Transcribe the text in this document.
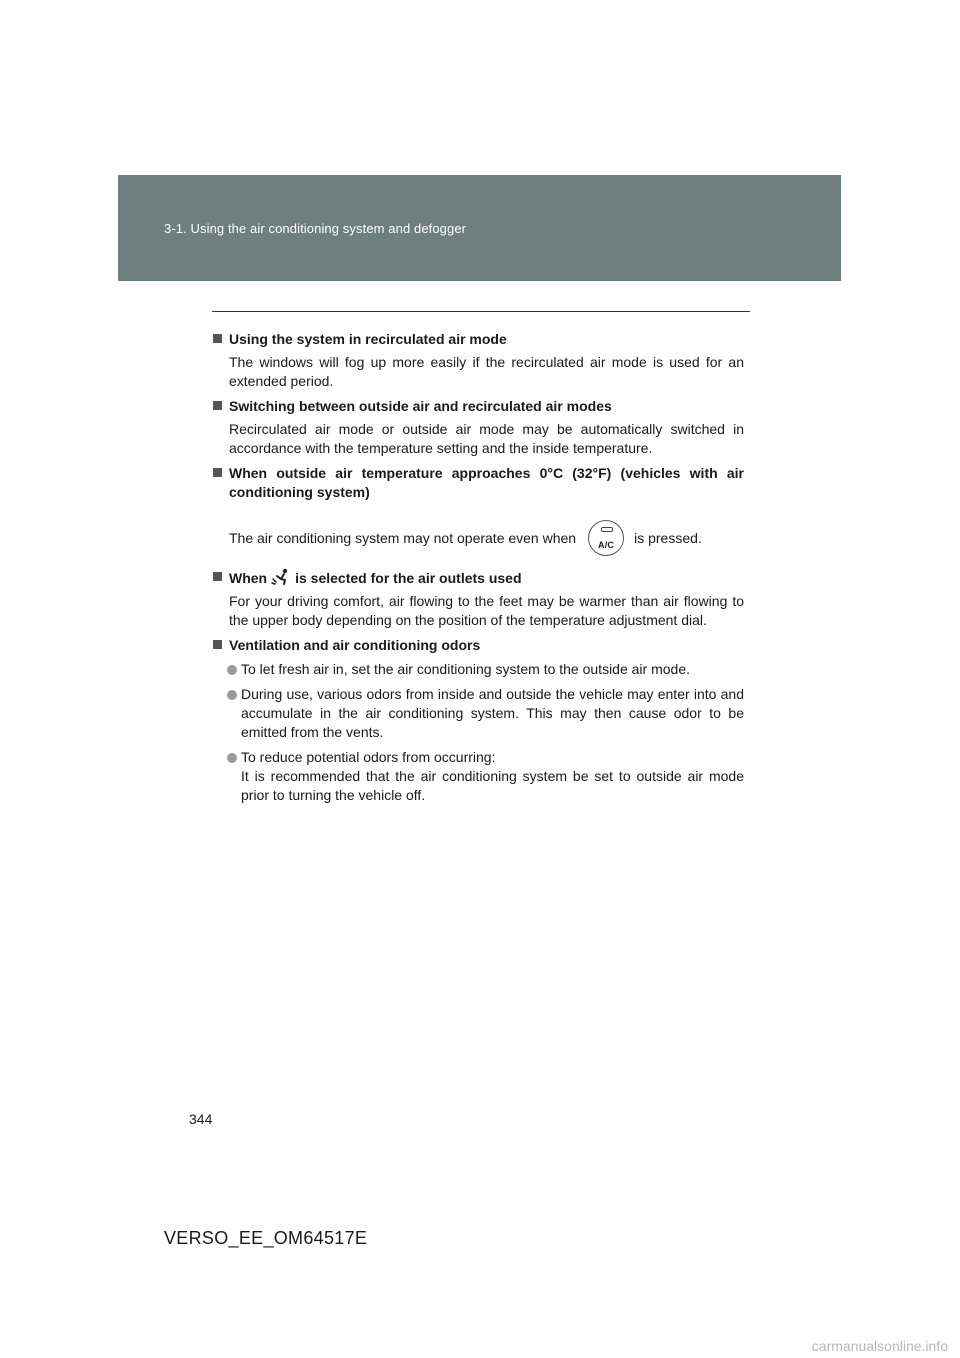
3-1. Using the air conditioning system and defogger
Using the system in recirculated air mode
The windows will fog up more easily if the recirculated air mode is used for an extended period.
Switching between outside air and recirculated air modes
Recirculated air mode or outside air mode may be automatically switched in accordance with the temperature setting and the inside temperature.
When outside air temperature approaches 0°C (32°F) (vehicles with air conditioning system)
The air conditioning system may not operate even when	A/C	is pressed.
When is selected for the air outlets used
For your driving comfort, air flowing to the feet may be warmer than air flowing to the upper body depending on the position of the temperature adjustment dial.
Ventilation and air conditioning odors
To let fresh air in, set the air conditioning system to the outside air mode.
During use, various odors from inside and outside the vehicle may enter into and accumulate in the air conditioning system. This may then cause odor to be emitted from the vents.
To reduce potential odors from occurring:
It is recommended that the air conditioning system be set to outside air mode prior to turning the vehicle off.
344
VERSO_EE_OM64517E
carmanualsonline.info
